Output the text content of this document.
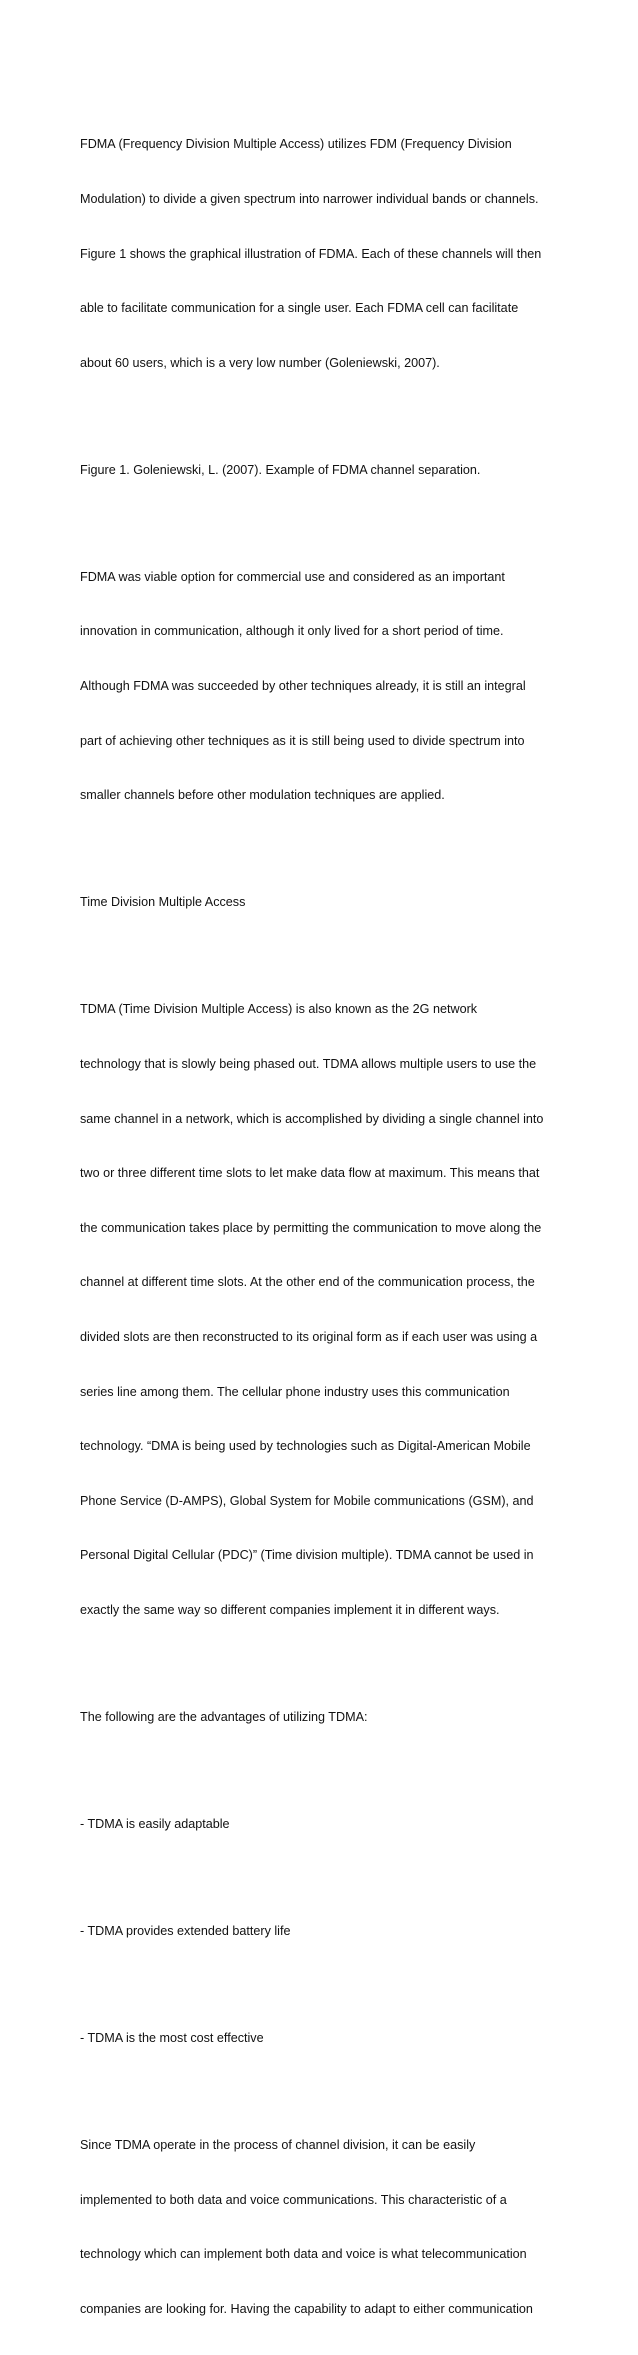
FDMA (Frequency Division Multiple Access) utilizes FDM (Frequency Division

Modulation) to divide a given spectrum into narrower individual bands or channels.

Figure 1 shows the graphical illustration of FDMA. Each of these channels will then

able to facilitate communication for a single user. Each FDMA cell can facilitate

about 60 users, which is a very low number (Goleniewski, 2007).

Figure 1. Goleniewski, L. (2007). Example of FDMA channel separation.

FDMA was viable option for commercial use and considered as an important

innovation in communication, although it only lived for a short period of time.

Although FDMA was succeeded by other techniques already, it is still an integral

part of achieving other techniques as it is still being used to divide spectrum into

smaller channels before other modulation techniques are applied.

Time Division Multiple Access

TDMA (Time Division Multiple Access) is also known as the 2G network

technology that is slowly being phased out. TDMA allows multiple users to use the

same channel in a network, which is accomplished by dividing a single channel into

two or three different time slots to let make data flow at maximum. This means that

the communication takes place by permitting the communication to move along the

channel at different time slots. At the other end of the communication process, the

divided slots are then reconstructed to its original form as if each user was using a

series line among them. The cellular phone industry uses this communication

technology. “DMA is being used by technologies such as Digital-American Mobile

Phone Service (D-AMPS), Global System for Mobile communications (GSM), and

Personal Digital Cellular (PDC)” (Time division multiple). TDMA cannot be used in

exactly the same way so different companies implement it in different ways.

The following are the advantages of utilizing TDMA:

- TDMA is easily adaptable

- TDMA provides extended battery life

- TDMA is the most cost effective

Since TDMA operate in the process of channel division, it can be easily

implemented to both data and voice communications. This characteristic of a

technology which can implement both data and voice is what telecommunication

companies are looking for. Having the capability to adapt to either communication
